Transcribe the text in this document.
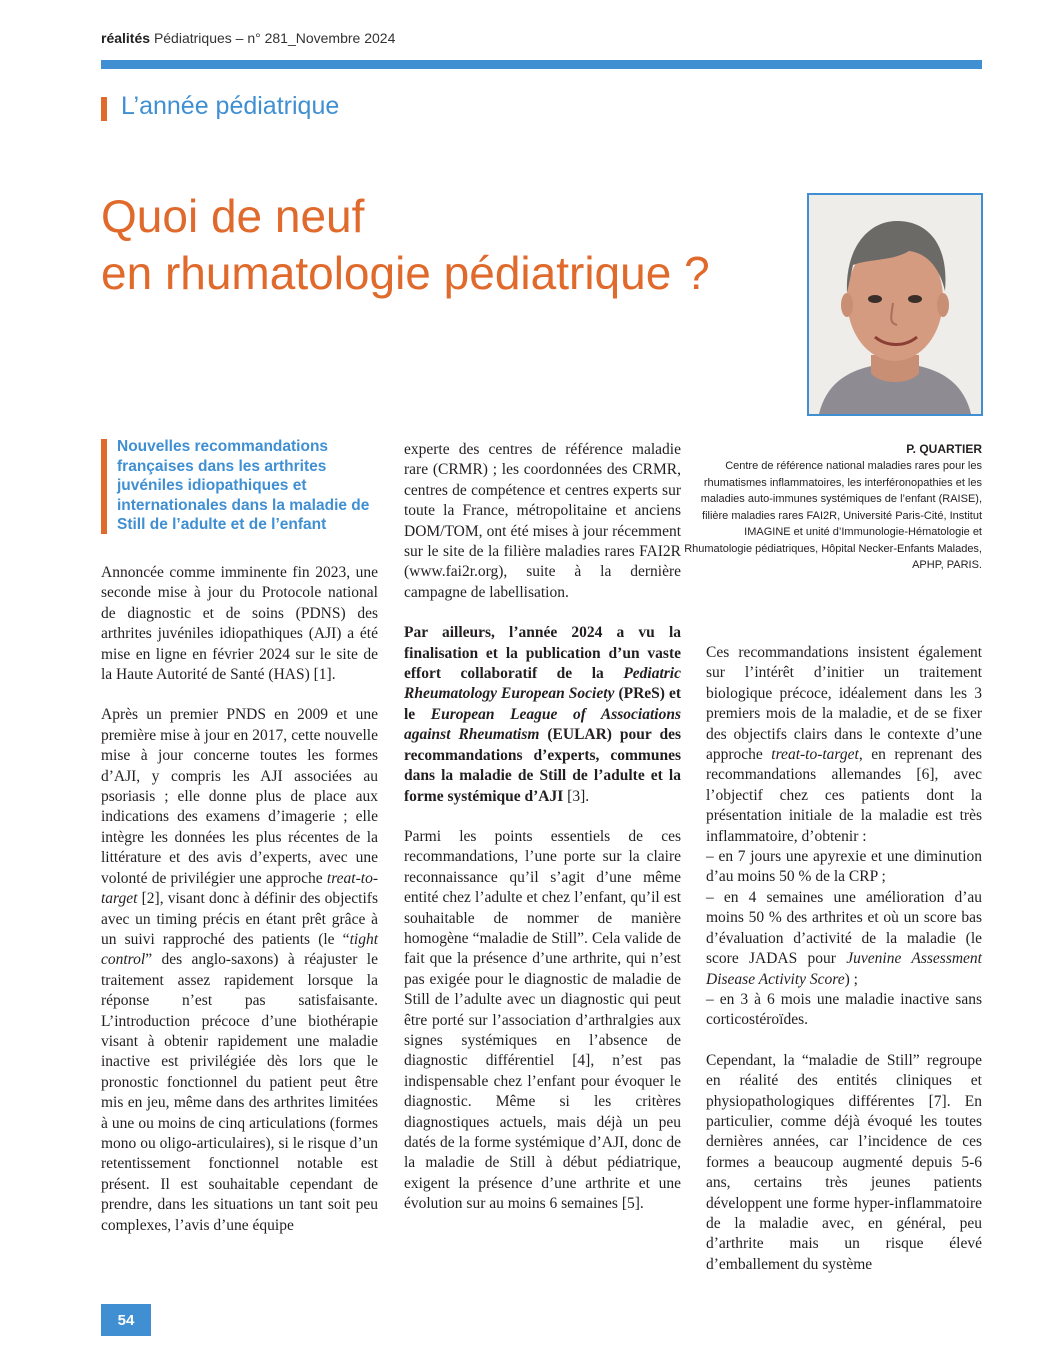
réalités Pédiatriques – n° 281_Novembre 2024
L’année pédiatrique
Quoi de neuf
en rhumatologie pédiatrique ?
P. QUARTIER
Centre de référence national maladies rares pour les rhumatismes inflammatoires, les interféronopathies et les maladies auto-immunes systémiques de l’enfant (RAISE), filière maladies rares FAI2R, Université Paris-Cité, Institut IMAGINE et unité d’Immunologie-Hématologie et Rhumatologie pédiatriques, Hôpital Necker-Enfants Malades, APHP, PARIS.
Nouvelles recommandations françaises dans les arthrites juvéniles idiopathiques et internationales dans la maladie de Still de l’adulte et de l’enfant

Annoncée comme imminente fin 2023, une seconde mise à jour du Protocole national de diagnostic et de soins (PDNS) des arthrites juvéniles idiopathiques (AJI) a été mise en ligne en février 2024 sur le site de la Haute Autorité de Santé (HAS) [1].

Après un premier PNDS en 2009 et une première mise à jour en 2017, cette nouvelle mise à jour concerne toutes les formes d’AJI, y compris les AJI associées au psoriasis ; elle donne plus de place aux indications des examens d’imagerie ; elle intègre les données les plus récentes de la littérature et des avis d’experts, avec une volonté de privilégier une approche treat-to-target [2], visant donc à définir des objectifs avec un timing précis en étant prêt grâce à un suivi rapproché des patients (le “tight control” des anglo-saxons) à réajuster le traitement assez rapidement lorsque la réponse n’est pas satisfaisante. L’introduction précoce d’une biothérapie visant à obtenir rapidement une maladie inactive est privilégiée dès lors que le pronostic fonctionnel du patient peut être mis en jeu, même dans des arthrites limitées à une ou moins de cinq articulations (formes mono ou oligo-articulaires), si le risque d’un retentissement fonctionnel notable est présent. Il est souhaitable cependant de prendre, dans les situations un tant soit peu complexes, l’avis d’une équipe

experte des centres de référence maladie rare (CRMR) ; les coordonnées des CRMR, centres de compétence et centres experts sur toute la France, métropolitaine et anciens DOM/TOM, ont été mises à jour récemment sur le site de la filière maladies rares FAI2R (www.fai2r.org), suite à la dernière campagne de labellisation.

Par ailleurs, l’année 2024 a vu la finalisation et la publication d’un vaste effort collaboratif de la Pediatric Rheumatology European Society (PReS) et le European League of Associations against Rheumatism (EULAR) pour des recommandations d’experts, communes dans la maladie de Still de l’adulte et la forme systémique d’AJI [3].

Parmi les points essentiels de ces recommandations, l’une porte sur la claire reconnaissance qu’il s’agit d’une même entité chez l’adulte et chez l’enfant, qu’il est souhaitable de nommer de manière homogène “maladie de Still”. Cela valide de fait que la présence d’une arthrite, qui n’est pas exigée pour le diagnostic de maladie de Still de l’adulte avec un diagnostic qui peut être porté sur l’association d’arthralgies aux signes systémiques en l’absence de diagnostic différentiel [4], n’est pas indispensable chez l’enfant pour évoquer le diagnostic. Même si les critères diagnostiques actuels, mais déjà un peu datés de la forme systémique d’AJI, donc de la maladie de Still à début pédiatrique, exigent la présence d’une arthrite et une évolution sur au moins 6 semaines [5].

Ces recommandations insistent également sur l’intérêt d’initier un traitement biologique précoce, idéalement dans les 3 premiers mois de la maladie, et de se fixer des objectifs clairs dans le contexte d’une approche treat-to-target, en reprenant des recommandations allemandes [6], avec l’objectif chez ces patients dont la présentation initiale de la maladie est très inflammatoire, d’obtenir :

– en 7 jours une apyrexie et une diminution d’au moins 50 % de la CRP ;
– en 4 semaines une amélioration d’au moins 50 % des arthrites et où un score bas d’évaluation d’activité de la maladie (le score JADAS pour Juvenine Assessment Disease Activity Score) ;

– en 3 à 6 mois une maladie inactive sans corticostéroïdes.

Cependant, la “maladie de Still” regroupe en réalité des entités cliniques et physiopathologiques différentes [7]. En particulier, comme déjà évoqué les toutes dernières années, car l’incidence de ces formes a beaucoup augmenté depuis 5-6 ans, certains très jeunes patients développent une forme hyper-inflammatoire de la maladie avec, en général, peu d’arthrite mais un risque élevé d’emballement du système

54
